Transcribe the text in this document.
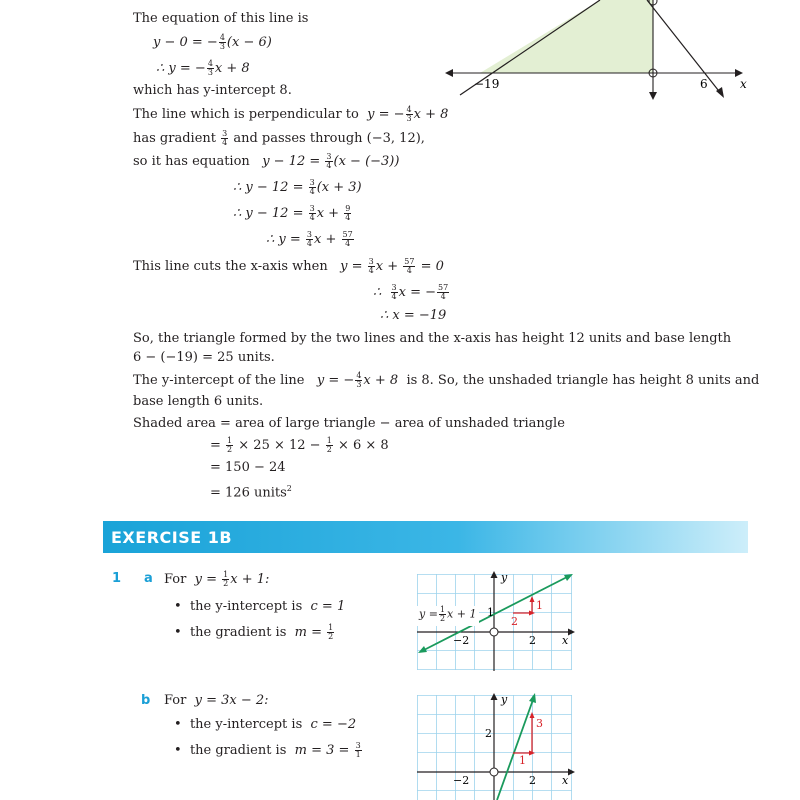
−19	6	x
The equation of this line is
y − 0 = − $\frac{4}{3} (x - 6)$
∴ y = − $\frac{4}{3}$ x + 8
which has y-intercept 8.
The line which is perpendicular to y = − $\frac{4}{3}$ x + 8
has gradient $\frac{3}{4}$ and passes through (−3, 12),
so it has equation $y - 12 = \frac{3}{4} (x - (-3))$
∴ $y - 12 = \frac{3}{4} (x + 3)$
∴ $y - 12 = \frac{3}{4}$ $x + \frac{9}{4}$
∴ $y = \frac{3}{4}$ $x + \frac{57}{4}$
This line cuts the x-axis when $y = \frac{3}{4}$ $x + \frac{57}{4} = 0$
∴ $\frac{3}{4}$ x = − $\frac{57}{4}$
∴ x = −19
So, the triangle formed by the two lines and the x-axis has height 12 units and base length
6 − (−19) = 25 units.
The y-intercept of the line y = − $\frac{4}{3}$ x + 8 is 8. So, the unshaded triangle has height 8 units and
base length 6 units.
Shaded area = area of large triangle − area of unshaded triangle
= $\frac{1}{2} \times 25 \times 12 - \frac{1}{2} \times 6 \times 8$
= 150 − 24
= 126 units$^2$
EXERCISE 1B
1 a For $y = \frac{1}{2}$ x + 1:
• the y-intercept is c = 1
• the gradient is $m = \frac{1}{2}$
y
x
−2	2
1
2
1
$y = \frac{1}{2}$ x + 1
b For y = 3x − 2:
• the y-intercept is c = −2
• the gradient is $m = 3 = \frac{3}{1}$
y
x
−2	2
2
1
3
